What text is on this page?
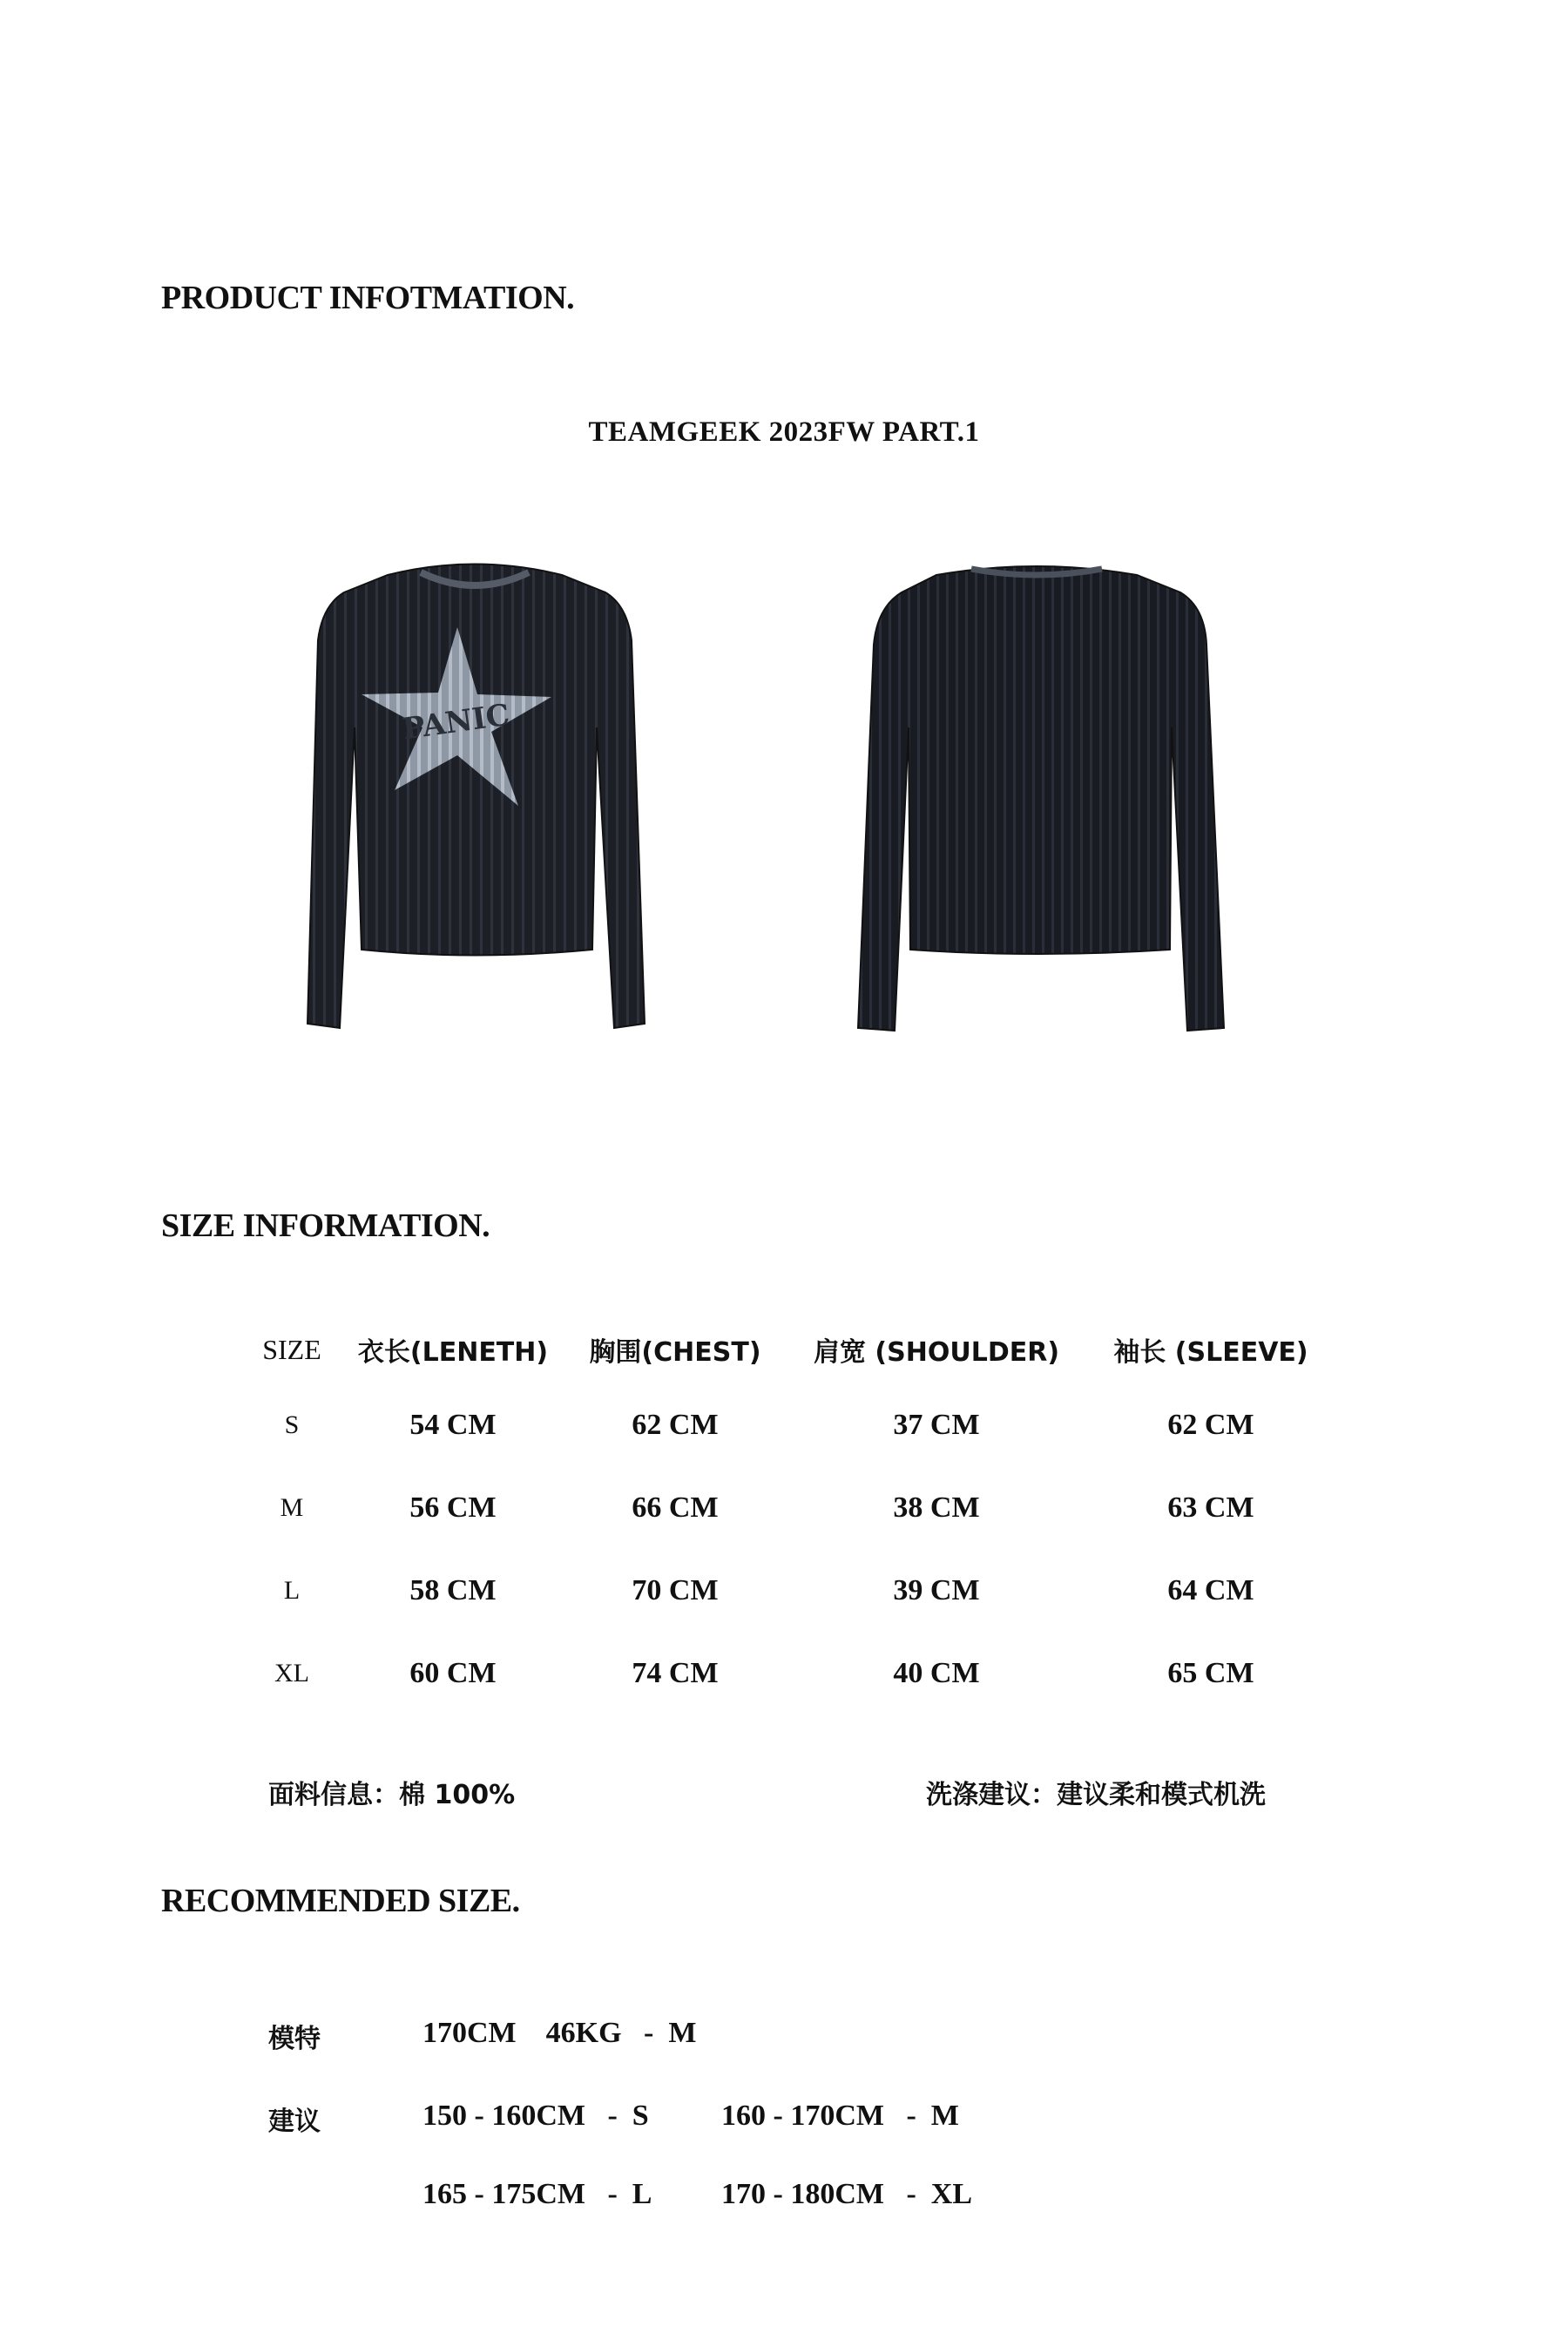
PRODUCT INFOTMATION.
TEAMGEEK 2023FW PART.1
PANIC
SIZE INFORMATION.
SIZE	衣长(LENETH)	胸围(CHEST)	肩宽 (SHOULDER)	袖长 (SLEEVE)
S	54 CM	62 CM	37 CM	62 CM
M	56 CM	66 CM	38 CM	63 CM
L	58 CM	70 CM	39 CM	64 CM
XL	60 CM	74 CM	40 CM	65 CM
面料信息：棉 100%	洗涤建议：建议柔和模式机洗
RECOMMENDED SIZE.
模特	170CM    46KG   -  M
建议	150 - 160CM   -  S 160 - 170CM   -  M
165 - 175CM   -  L 170 - 180CM   -  XL
